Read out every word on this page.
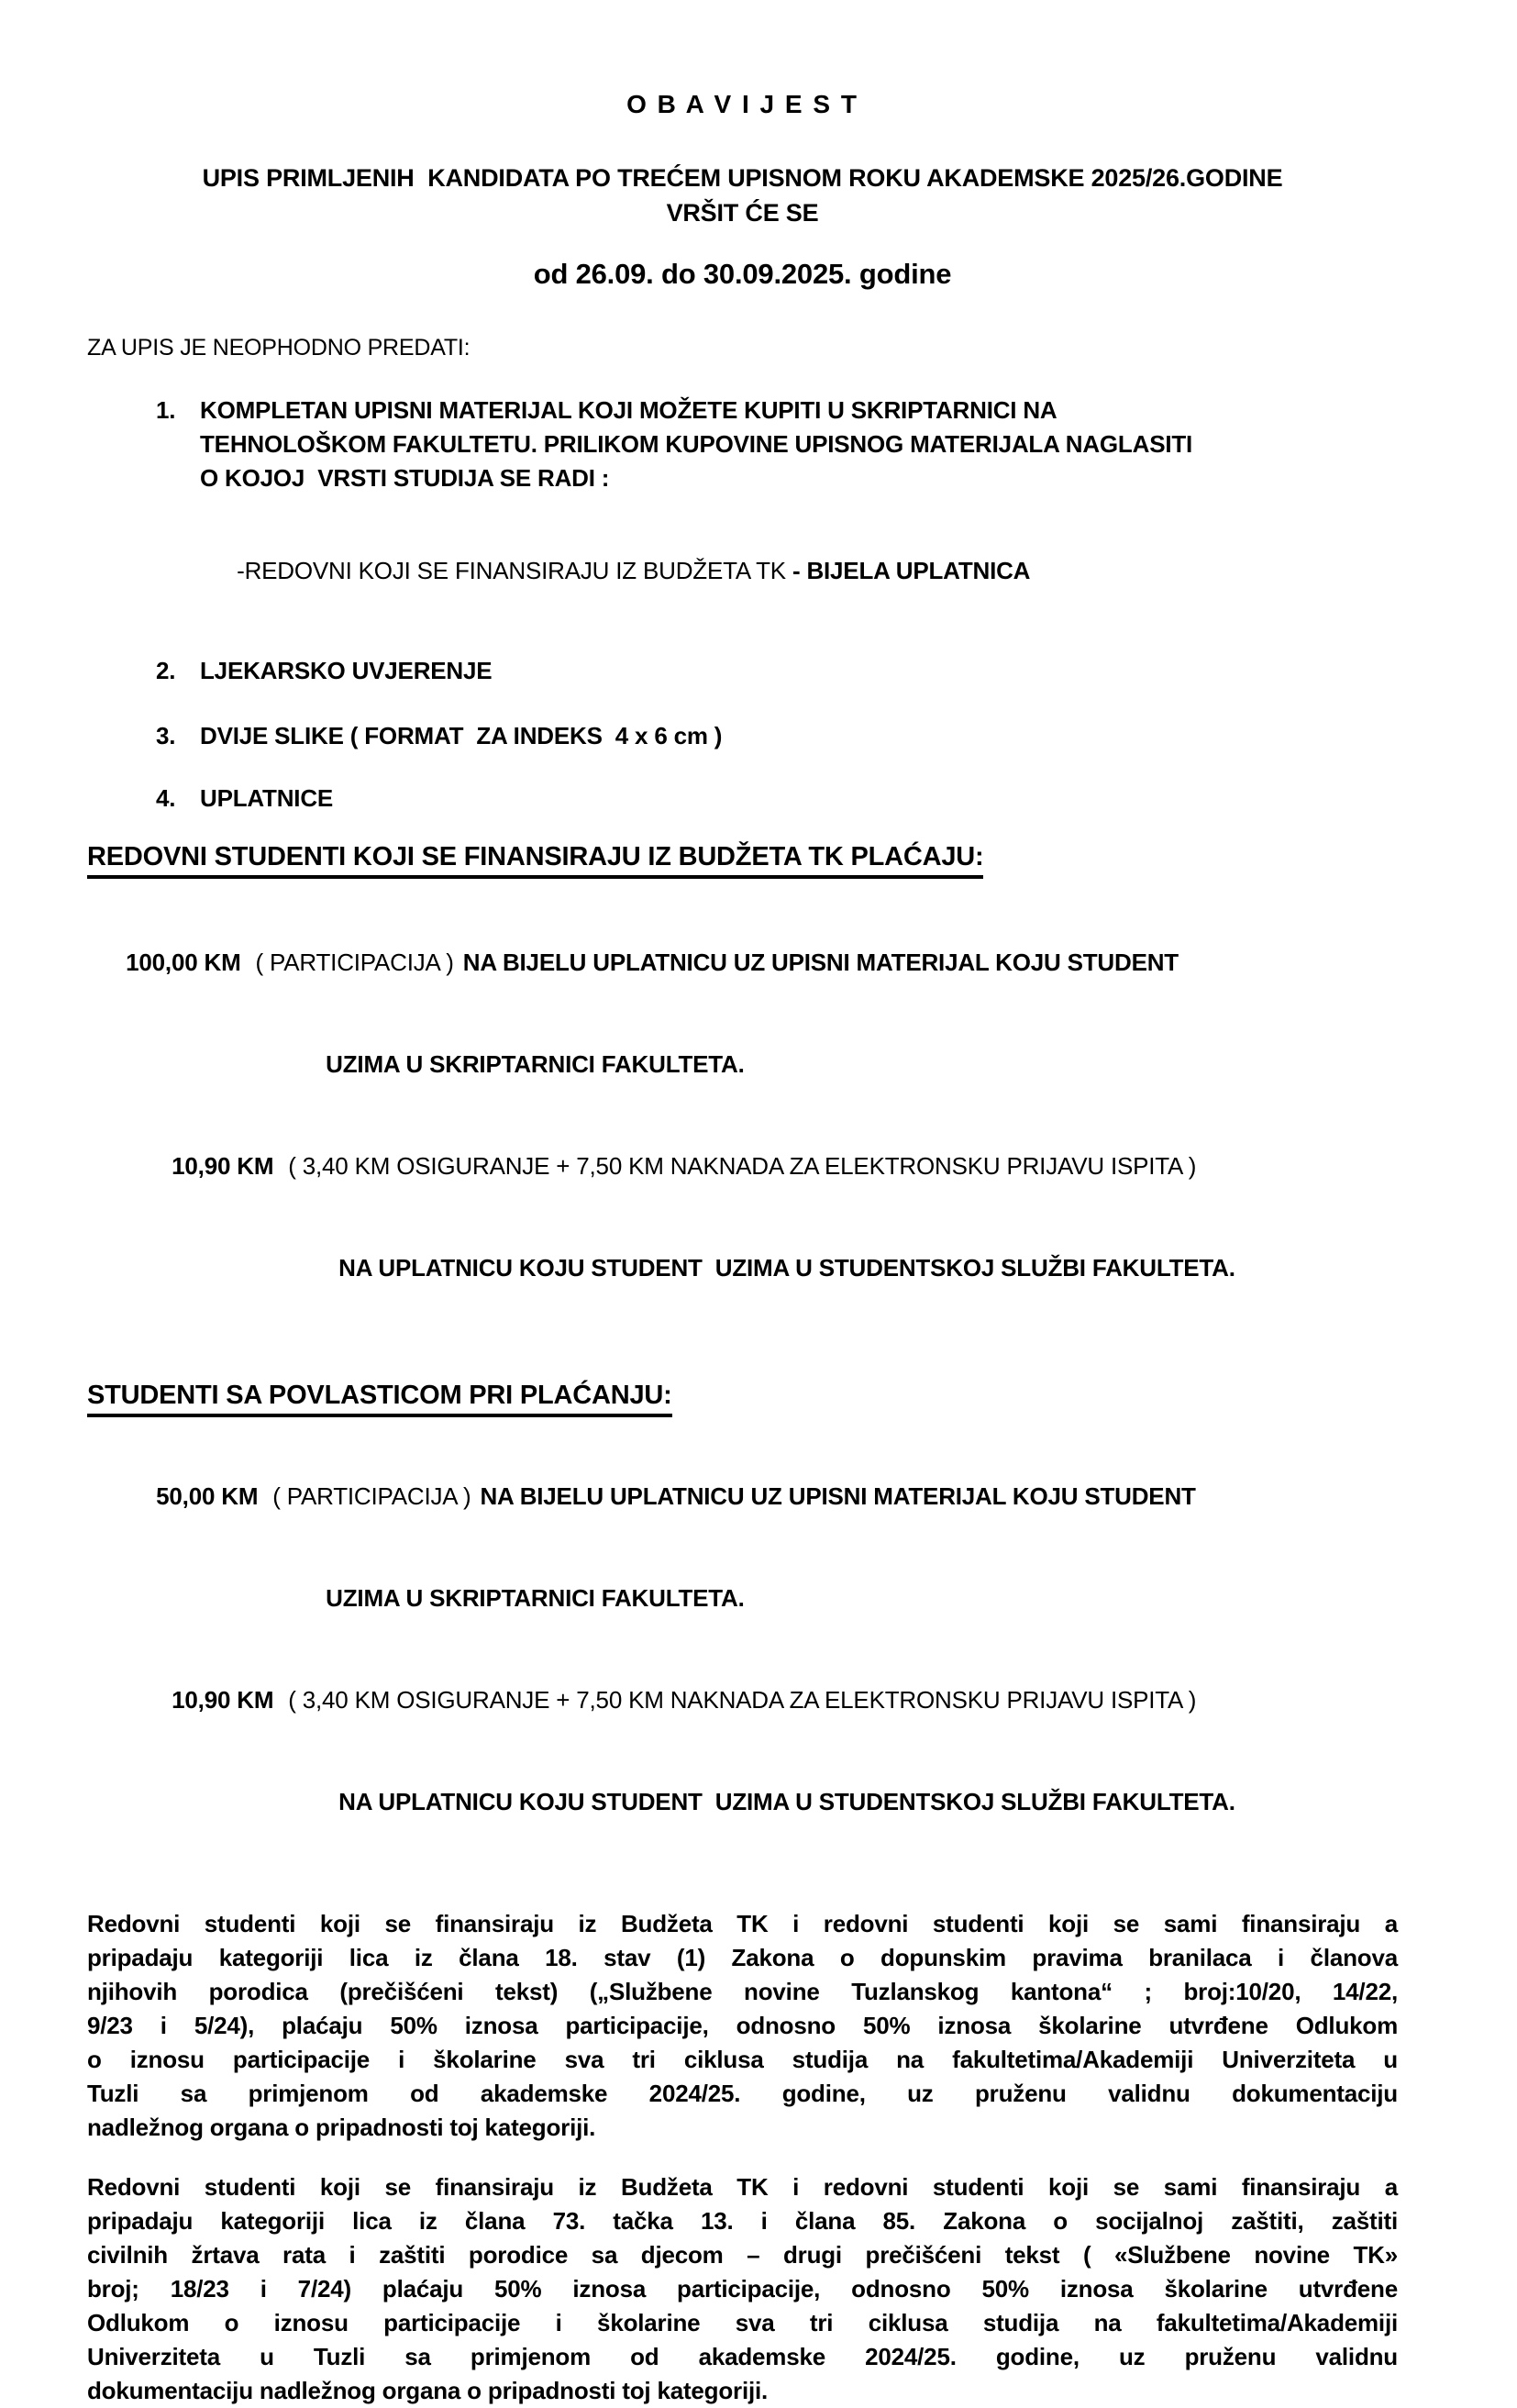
O B A V I J E S T
UPIS PRIMLJENIH  KANDIDATA PO TREĆEM UPISNOM ROKU AKADEMSKE 2025/26.GODINE
VRŠIT ĆE SE
od 26.09. do 30.09.2025. godine
ZA UPIS JE NEOPHODNO PREDATI:
1.	KOMPLETAN UPISNI MATERIJAL KOJI MOŽETE KUPITI U SKRIPTARNICI NA
TEHNOLOŠKOM FAKULTETU. PRILIKOM KUPOVINE UPISNOG MATERIJALA NAGLASITI
O KOJOJ  VRSTI STUDIJA SE RADI :

-REDOVNI KOJI SE FINANSIRAJU IZ BUDŽETA TK - BIJELA UPLATNICA

2.	LJEKARSKO UVJERENJE
3.	DVIJE SLIKE ( FORMAT  ZA INDEKS  4 x 6 cm )
4.	UPLATNICE
REDOVNI STUDENTI KOJI SE FINANSIRAJU IZ BUDŽETA TK PLAĆAJU:

100,00 KM ( PARTICIPACIJA ) NA BIJELU UPLATNICU UZ UPISNI MATERIJAL KOJU STUDENT

UZIMA U SKRIPTARNICI FAKULTETA.

10,90 KM ( 3,40 KM OSIGURANJE + 7,50 KM NAKNADA ZA ELEKTRONSKU PRIJAVU ISPITA )

NA UPLATNICU KOJU STUDENT  UZIMA U STUDENTSKOJ SLUŽBI FAKULTETA.

STUDENTI SA POVLASTICOM PRI PLAĆANJU:

50,00 KM ( PARTICIPACIJA ) NA BIJELU UPLATNICU UZ UPISNI MATERIJAL KOJU STUDENT

UZIMA U SKRIPTARNICI FAKULTETA.

10,90 KM ( 3,40 KM OSIGURANJE + 7,50 KM NAKNADA ZA ELEKTRONSKU PRIJAVU ISPITA )

NA UPLATNICU KOJU STUDENT  UZIMA U STUDENTSKOJ SLUŽBI FAKULTETA.

Redovni studenti koji se finansiraju iz Budžeta TK i redovni studenti koji se sami finansiraju a
pripadaju kategoriji lica iz člana 18. stav (1) Zakona o dopunskim pravima branilaca i članova
njihovih porodica (prečišćeni tekst) („Službene novine Tuzlanskog kantona“ ; broj:10/20, 14/22,
9/23 i 5/24), plaćaju 50% iznosa participacije, odnosno 50% iznosa školarine utvrđene Odlukom
o iznosu participacije i školarine sva tri ciklusa studija na fakultetima/Akademiji Univerziteta u
Tuzli sa primjenom od akademske 2024/25. godine, uz pruženu validnu dokumentaciju
nadležnog organa o pripadnosti toj kategoriji.
Redovni studenti koji se finansiraju iz Budžeta TK i redovni studenti koji se sami finansiraju a
pripadaju kategoriji lica iz člana 73. tačka 13. i člana 85. Zakona o socijalnoj zaštiti, zaštiti
civilnih žrtava rata i zaštiti porodice sa djecom – drugi prečišćeni tekst ( «Službene novine TK»
broj; 18/23 i 7/24) plaćaju 50% iznosa participacije, odnosno 50% iznosa školarine utvrđene
Odlukom o iznosu participacije i školarine sva tri ciklusa studija na fakultetima/Akademiji
Univerziteta u Tuzli sa primjenom od akademske 2024/25. godine, uz pruženu validnu
dokumentaciju nadležnog organa o pripadnosti toj kategoriji.
